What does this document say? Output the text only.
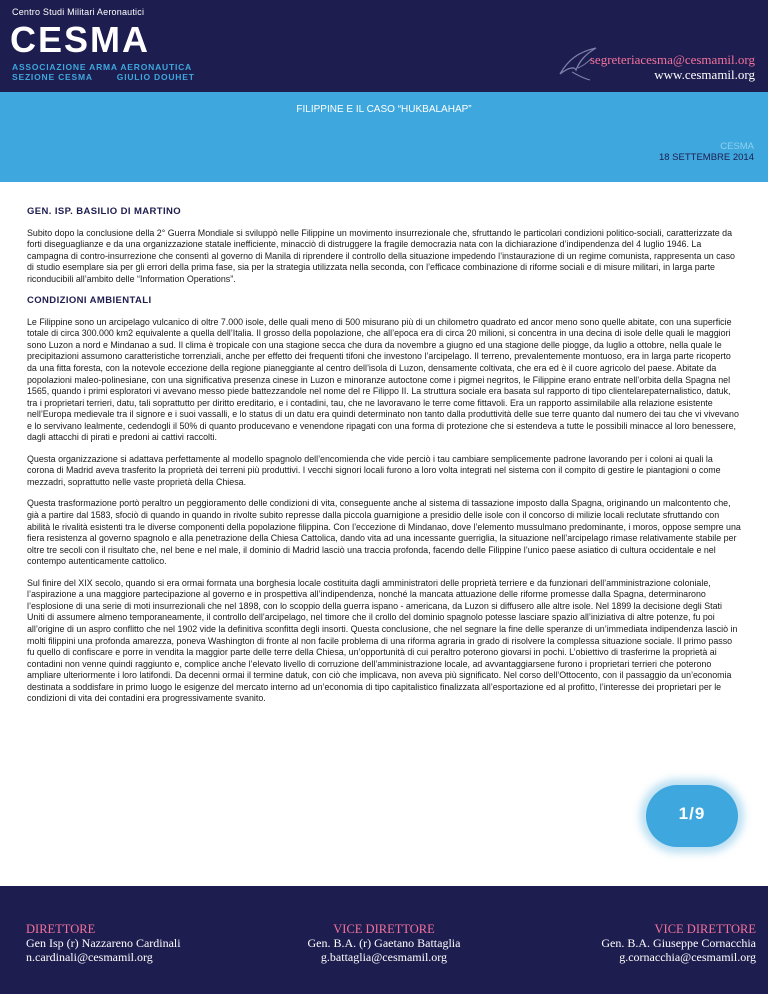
Centro Studi Militari Aeronautici
CESMA
ASSOCIAZIONE ARMA AERONAUTICA
SEZIONE CESMA	GIULIO DOUHET
segreteriacesma@cesmamil.org
www.cesmamil.org
FILIPPINE E IL CASO “HUKBALAHAP”
CESMA
18 SETTEMBRE 2014
GEN. ISP. BASILIO DI MARTINO

Subito dopo la conclusione della 2° Guerra Mondiale si sviluppò nelle Filippine un movimento insurrezionale che, sfruttando le particolari condizioni politico-sociali, caratterizzate da forti diseguaglianze e da una organizzazione statale inefficiente, minacciò di distruggere la fragile democrazia nata con la dichiarazione d’indipendenza del 4 luglio 1946. La campagna di contro-insurrezione che consentì al governo di Manila di riprendere il controllo della situazione impedendo l’instaurazione di un regime comunista, rappresenta un caso di studio esemplare sia per gli errori della prima fase, sia per la strategia utilizzata nella seconda, con l’efficace combinazione di riforme sociali e di misure militari, in larga parte riconducibili all’ambito delle “Information Operations”.

CONDIZIONI AMBIENTALI

Le Filippine sono un arcipelago vulcanico di oltre 7.000 isole, delle quali meno di 500 misurano più di un chilometro quadrato ed ancor meno sono quelle abitate, con una superficie totale di circa 300.000 km2 equivalente a quella dell’Italia. Il grosso della popolazione, che all’epoca era di circa 20 milioni, si concentra in una decina di isole delle quali le maggiori sono Luzon a nord e Mindanao a sud. Il clima è tropicale con una stagione secca che dura da novembre a giugno ed una stagione delle piogge, da luglio a ottobre, nella quale le precipitazioni assumono caratteristiche torrenziali, anche per effetto dei frequenti tifoni che investono l’arcipelago. Il terreno, prevalentemente montuoso, era in larga parte ricoperto da una fitta foresta, con la notevole eccezione della regione pianeggiante al centro dell’isola di Luzon, densamente coltivata, che era ed è il cuore agricolo del paese. Abitate da popolazioni maleo-polinesiane, con una significativa presenza cinese in Luzon e minoranze autoctone come i pigmei negritos, le Filippine erano entrate nell’orbita della Spagna nel 1565, quando i primi esploratori vi avevano messo piede battezzandole nel nome del re Filippo II. La struttura sociale era basata sul rapporto di tipo clientelarepaternalistico, datuk, tra i proprietari terrieri, datu, tali soprattutto per diritto ereditario, e i contadini, tau, che ne lavoravano le terre come fittavoli. Era un rapporto assimilabile alla relazione esistente nell’Europa medievale tra il signore e i suoi vassalli, e lo status di un datu era quindi determinato non tanto dalla produttività delle sue terre quanto dal numero dei tau che vi vivevano e lo servivano lealmente, cedendogli il 50% di quanto producevano e venendone ripagati con una forma di protezione che si estendeva a tutte le possibili minacce al loro benessere, dagli attacchi di pirati e predoni ai cattivi raccolti.

Questa organizzazione si adattava perfettamente al modello spagnolo dell’encomienda che vide perciò i tau cambiare semplicemente padrone lavorando per i coloni ai quali la corona di Madrid aveva trasferito la proprietà dei terreni più produttivi. I vecchi signori locali furono a loro volta integrati nel sistema con il compito di gestire le piantagioni o come mezzadri, soprattutto nelle vaste proprietà della Chiesa.

Questa trasformazione portò peraltro un peggioramento delle condizioni di vita, conseguente anche al sistema di tassazione imposto dalla Spagna, originando un malcontento che, già a partire dal 1583, sfociò di quando in quando in rivolte subito represse dalla piccola guarnigione a presidio delle isole con il concorso di milizie locali reclutate sfruttando con abilità le rivalità esistenti tra le diverse componenti della popolazione filippina. Con l’eccezione di Mindanao, dove l’elemento mussulmano predominante, i moros, oppose sempre una fiera resistenza al governo spagnolo e alla penetrazione della Chiesa Cattolica, dando vita ad una incessante guerriglia, la situazione nell’arcipelago rimase relativamente stabile per oltre tre secoli con il risultato che, nel bene e nel male, il dominio di Madrid lasciò una traccia profonda, facendo delle Filippine l’unico paese asiatico di cultura occidentale e nel contempo autenticamente cattolico.

Sul finire del XIX secolo, quando si era ormai formata una borghesia locale costituita dagli amministratori delle proprietà terriere e da funzionari dell’amministrazione coloniale, l’aspirazione a una maggiore partecipazione al governo e in prospettiva all’indipendenza, nonché la mancata attuazione delle riforme promesse dalla Spagna, determinarono l’esplosione di una serie di moti insurrezionali che nel 1898, con lo scoppio della guerra ispano - americana, da Luzon si diffusero alle altre isole. Nel 1899 la decisione degli Stati Uniti di assumere almeno temporaneamente, il controllo dell’arcipelago, nel timore che il crollo del dominio spagnolo potesse lasciare spazio all’iniziativa di altre potenze, fu poi all’origine di un aspro conflitto che nel 1902 vide la definitiva sconfitta degli insorti. Questa conclusione, che nel segnare la fine delle speranze di un’immediata indipendenza lasciò in molti filippini una profonda amarezza, poneva Washington di fronte al non facile problema di una riforma agraria in grado di risolvere la complessa situazione sociale. Il primo passo fu quello di confiscare e porre in vendita la maggior parte delle terre della Chiesa, un’opportunità di cui peraltro poterono giovarsi in pochi. L’obiettivo di trasferirne la proprietà ai contadini non venne quindi raggiunto e, complice anche l’elevato livello di corruzione dell’amministrazione locale, ad avvantaggiarsene furono i proprietari terrieri che poterono ampliare ulteriormente i loro latifondi. Da decenni ormai il termine datuk, con ciò che implicava, non aveva più significato. Nel corso dell’Ottocento, con il passaggio da un’economia destinata a soddisfare in primo luogo le esigenze del mercato interno ad un’economia di tipo capitalistico finalizzata all’esportazione ed al profitto, l’interesse dei proprietari per le condizioni di vita dei contadini era progressivamente svanito.

1/9
DIRETTORE
Gen Isp (r) Nazzareno Cardinali
n.cardinali@cesmamil.org
VICE DIRETTORE
Gen. B.A. (r) Gaetano Battaglia
g.battaglia@cesmamil.org
VICE DIRETTORE
Gen. B.A. Giuseppe Cornacchia
g.cornacchia@cesmamil.org
